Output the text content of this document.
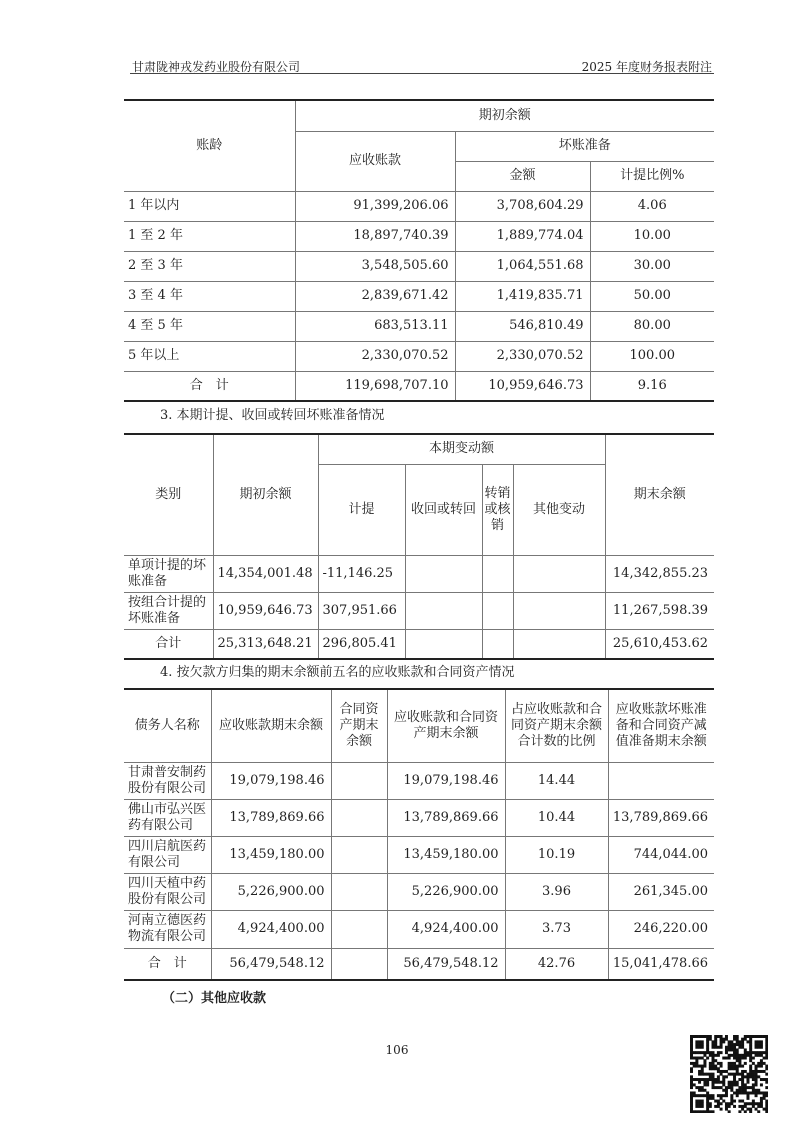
甘肃陇神戎发药业股份有限公司	2025 年度财务报表附注
账龄	期初余额		
	应收账款	坏账准备	
		金额	计提比例%
1 年以内	91,399,206.06	3,708,604.29	4.06
1 至 2 年	18,897,740.39	1,889,774.04	10.00
2 至 3 年	3,548,505.60	1,064,551.68	30.00
3 至 4 年	2,839,671.42	1,419,835.71	50.00
4 至 5 年	683,513.11	546,810.49	80.00
5 年以上	2,330,070.52	2,330,070.52	100.00
合　计	119,698,707.10	10,959,646.73	9.16
3. 本期计提、收回或转回坏账准备情况
类别	期初余额	本期变动额				期末余额
		计提	收回或转回	转销或核销	其他变动	
单项计提的坏账准备	14,354,001.48	-11,146.25				14,342,855.23
按组合计提的坏账准备	10,959,646.73	307,951.66				11,267,598.39
合计	25,313,648.21	296,805.41				25,610,453.62
4. 按欠款方归集的期末余额前五名的应收账款和合同资产情况
债务人名称	应收账款期末余额	合同资产期末余额	应收账款和合同资产期末余额	占应收账款和合同资产期末余额合计数的比例	应收账款坏账准备和合同资产减值准备期末余额
甘肃普安制药股份有限公司	19,079,198.46		19,079,198.46	14.44	
佛山市弘兴医药有限公司	13,789,869.66		13,789,869.66	10.44	13,789,869.66
四川启航医药有限公司	13,459,180.00		13,459,180.00	10.19	744,044.00
四川天植中药股份有限公司	5,226,900.00		5,226,900.00	3.96	261,345.00
河南立德医药物流有限公司	4,924,400.00		4,924,400.00	3.73	246,220.00
合　计	56,479,548.12		56,479,548.12	42.76	15,041,478.66
（二）其他应收款
106
